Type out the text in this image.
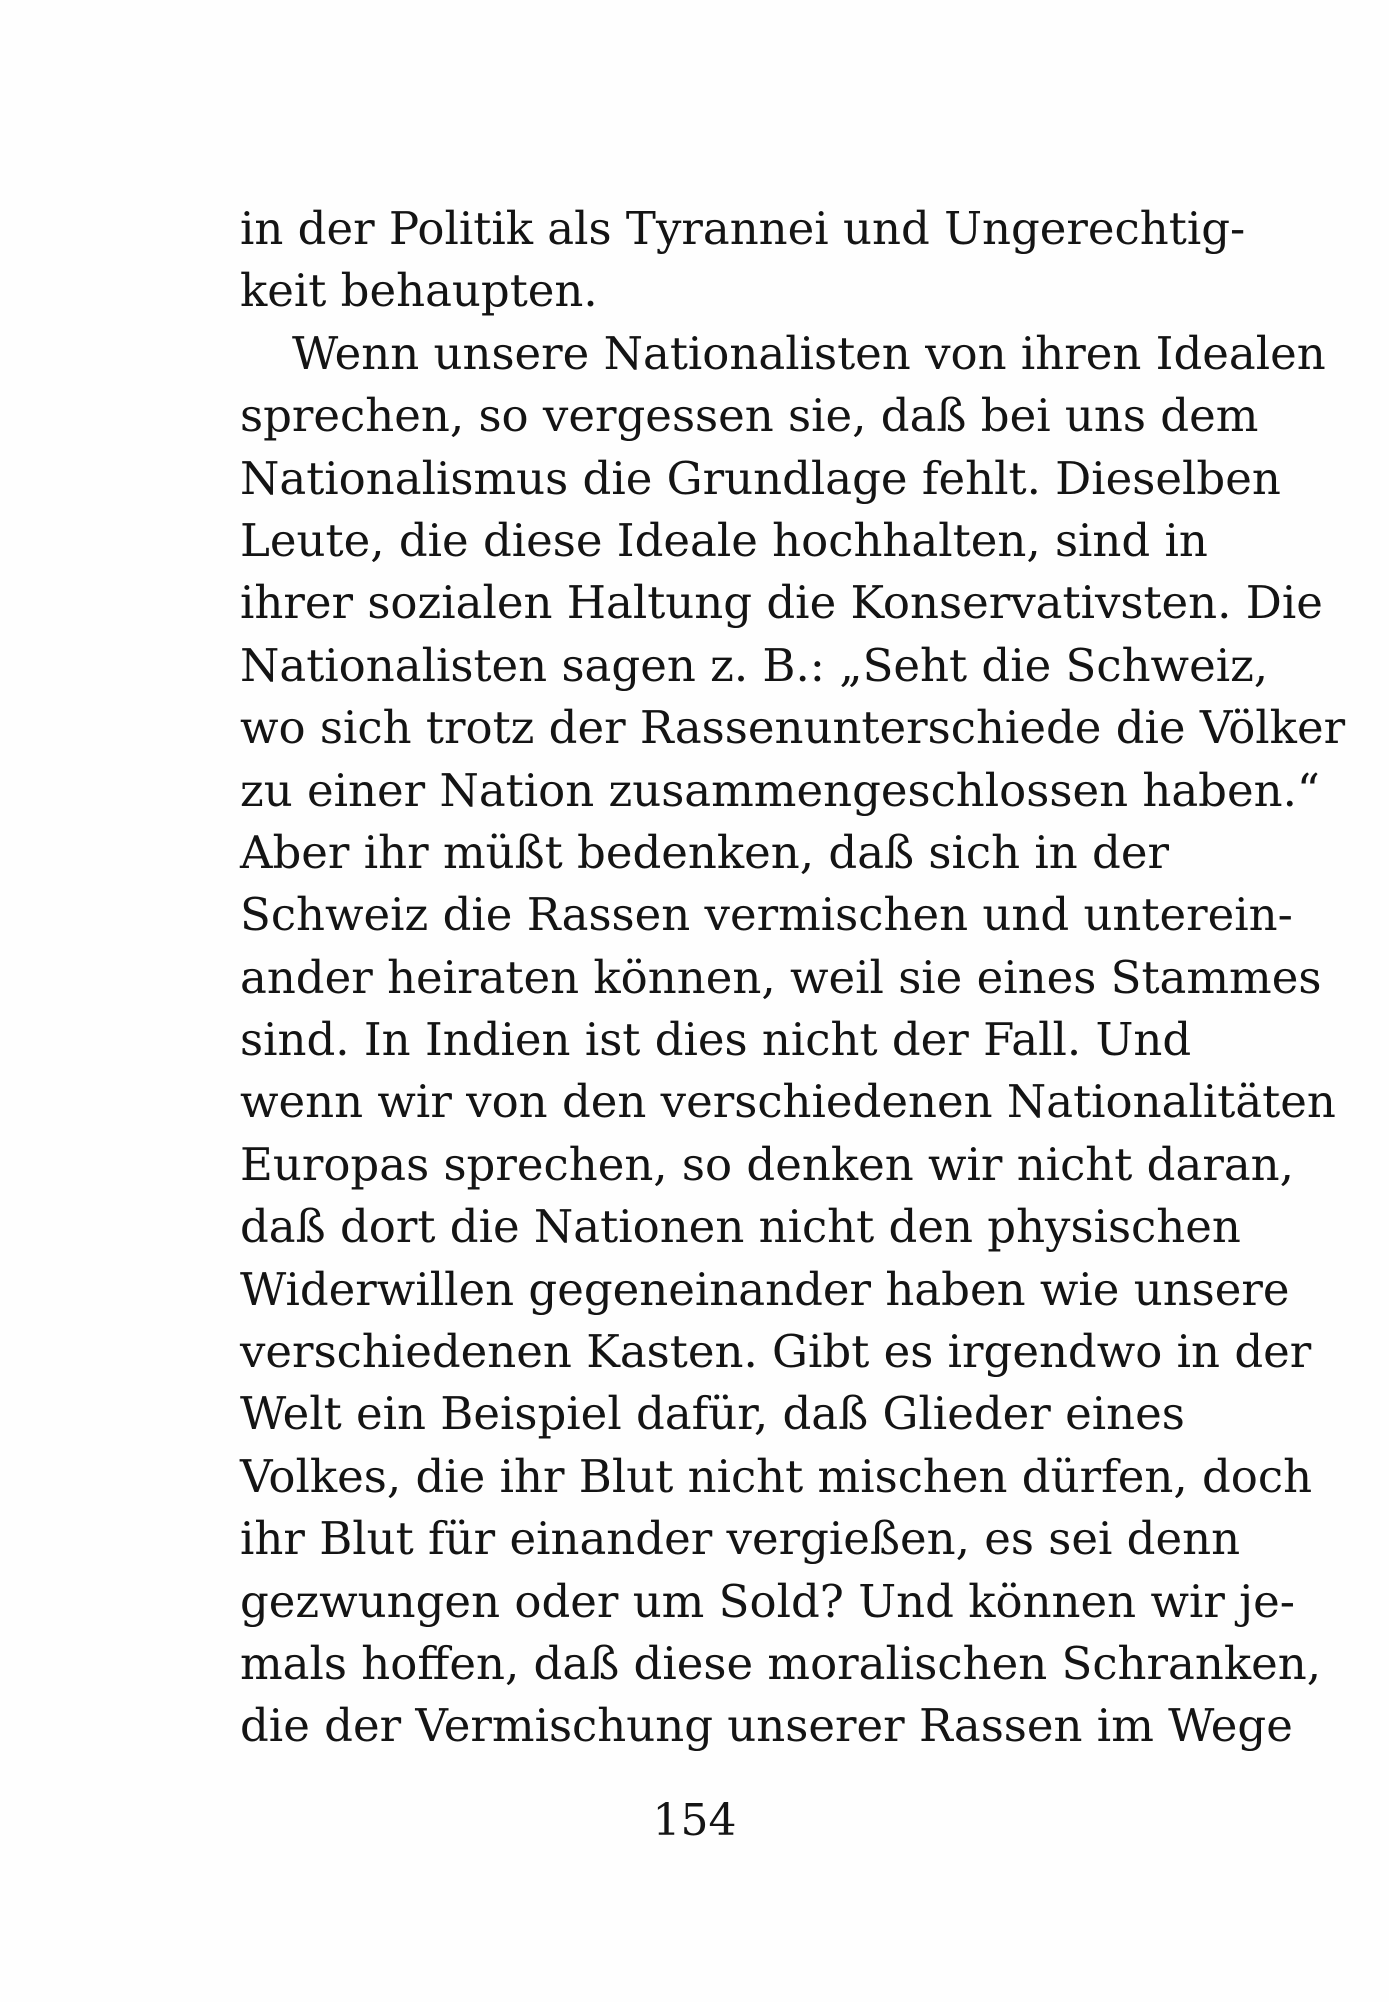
in der Politik als Tyrannei und Ungerechtig-
keit behaupten.
Wenn unsere Nationalisten von ihren Idealen
sprechen, so vergessen sie, daß bei uns dem
Nationalismus die Grundlage fehlt. Dieselben
Leute, die diese Ideale hochhalten, sind in
ihrer sozialen Haltung die Konservativsten. Die
Nationalisten sagen z. B.: „Seht die Schweiz,
wo sich trotz der Rassenunterschiede die Völker
zu einer Nation zusammengeschlossen haben.“
Aber ihr müßt bedenken, daß sich in der
Schweiz die Rassen vermischen und unterein-
ander heiraten können, weil sie eines Stammes
sind. In Indien ist dies nicht der Fall. Und
wenn wir von den verschiedenen Nationalitäten
Europas sprechen, so denken wir nicht daran,
daß dort die Nationen nicht den physischen
Widerwillen gegeneinander haben wie unsere
verschiedenen Kasten. Gibt es irgendwo in der
Welt ein Beispiel dafür, daß Glieder eines
Volkes, die ihr Blut nicht mischen dürfen, doch
ihr Blut für einander vergießen, es sei denn
gezwungen oder um Sold? Und können wir je-
mals hoffen, daß diese moralischen Schranken,
die der Vermischung unserer Rassen im Wege
154
